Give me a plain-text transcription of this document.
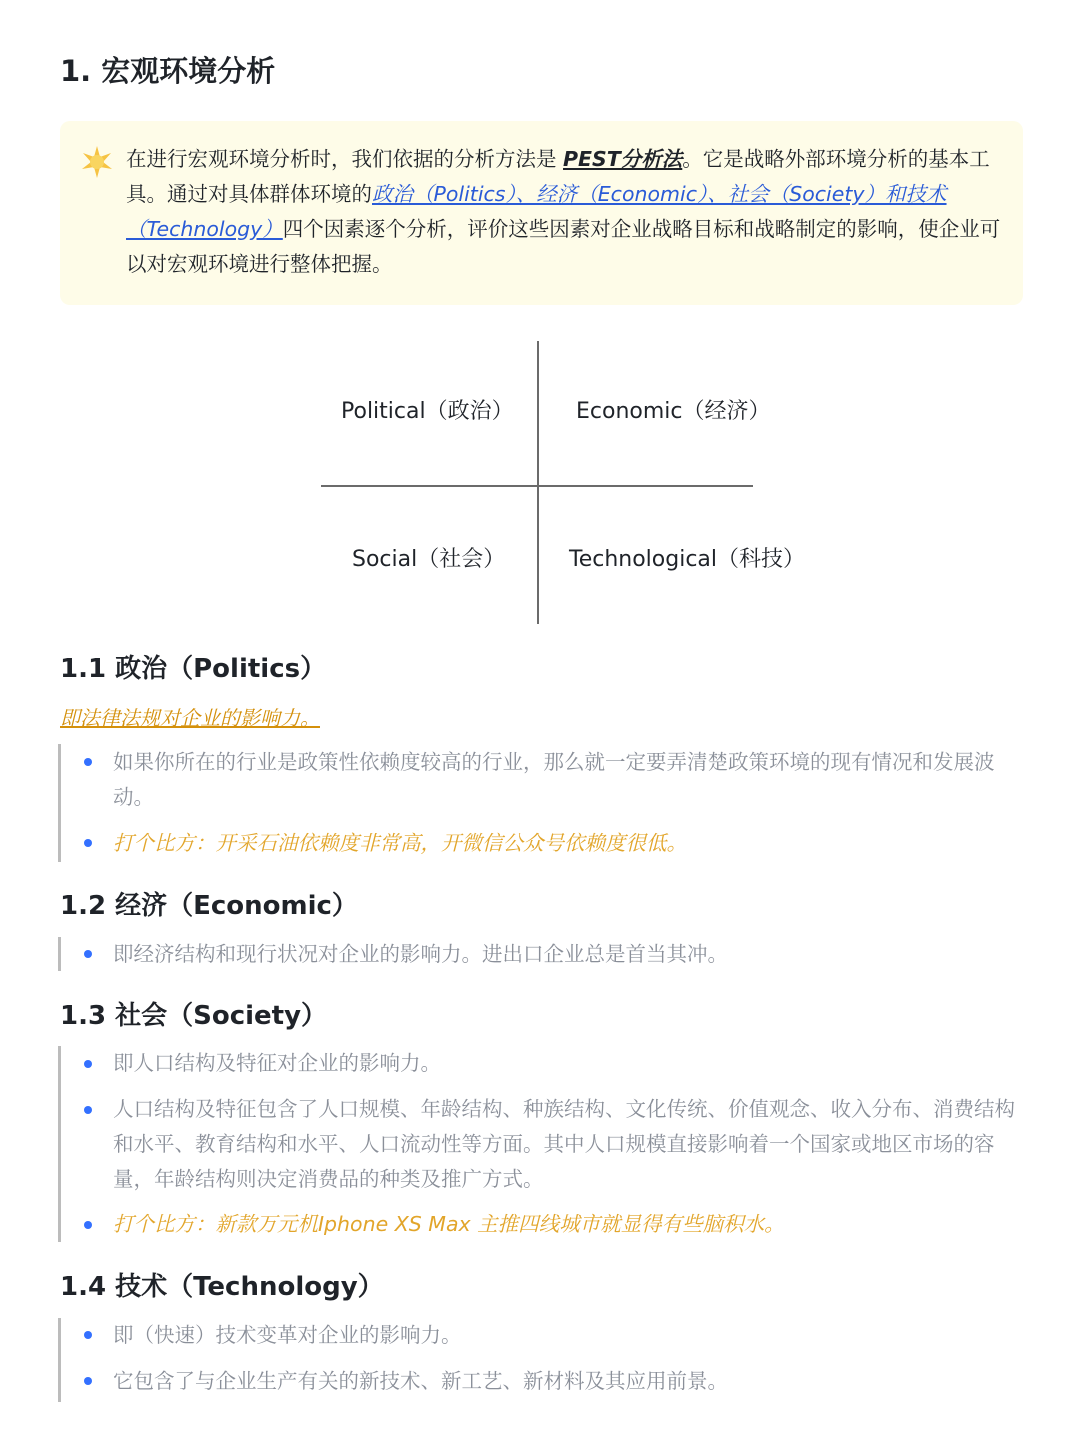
1. 宏观环境分析
在进行宏观环境分析时，我们依据的分析方法是 PEST分析法。它是战略外部环境分析的基本工具。通过对具体群体环境的政治（Politics）、经济（Economic）、社会（Society）和技术（Technology）四个因素逐个分析，评价这些因素对企业战略目标和战略制定的影响，使企业可以对宏观环境进行整体把握。
Political（政治）	Economic（经济）
Social（社会）	Technological（科技）
1.1 政治（Politics）
即法律法规对企业的影响力。
如果你所在的行业是政策性依赖度较高的行业，那么就一定要弄清楚政策环境的现有情况和发展波动。
打个比方：开采石油依赖度非常高，开微信公众号依赖度很低。
1.2 经济（Economic）
即经济结构和现行状况对企业的影响力。进出口企业总是首当其冲。
1.3 社会（Society）
即人口结构及特征对企业的影响力。
人口结构及特征包含了人口规模、年龄结构、种族结构、文化传统、价值观念、收入分布、消费结构和水平、教育结构和水平、人口流动性等方面。其中人口规模直接影响着一个国家或地区市场的容量，年龄结构则决定消费品的种类及推广方式。
打个比方：新款万元机Iphone XS Max 主推四线城市就显得有些脑积水。
1.4 技术（Technology）
即（快速）技术变革对企业的影响力。
它包含了与企业生产有关的新技术、新工艺、新材料及其应用前景。
